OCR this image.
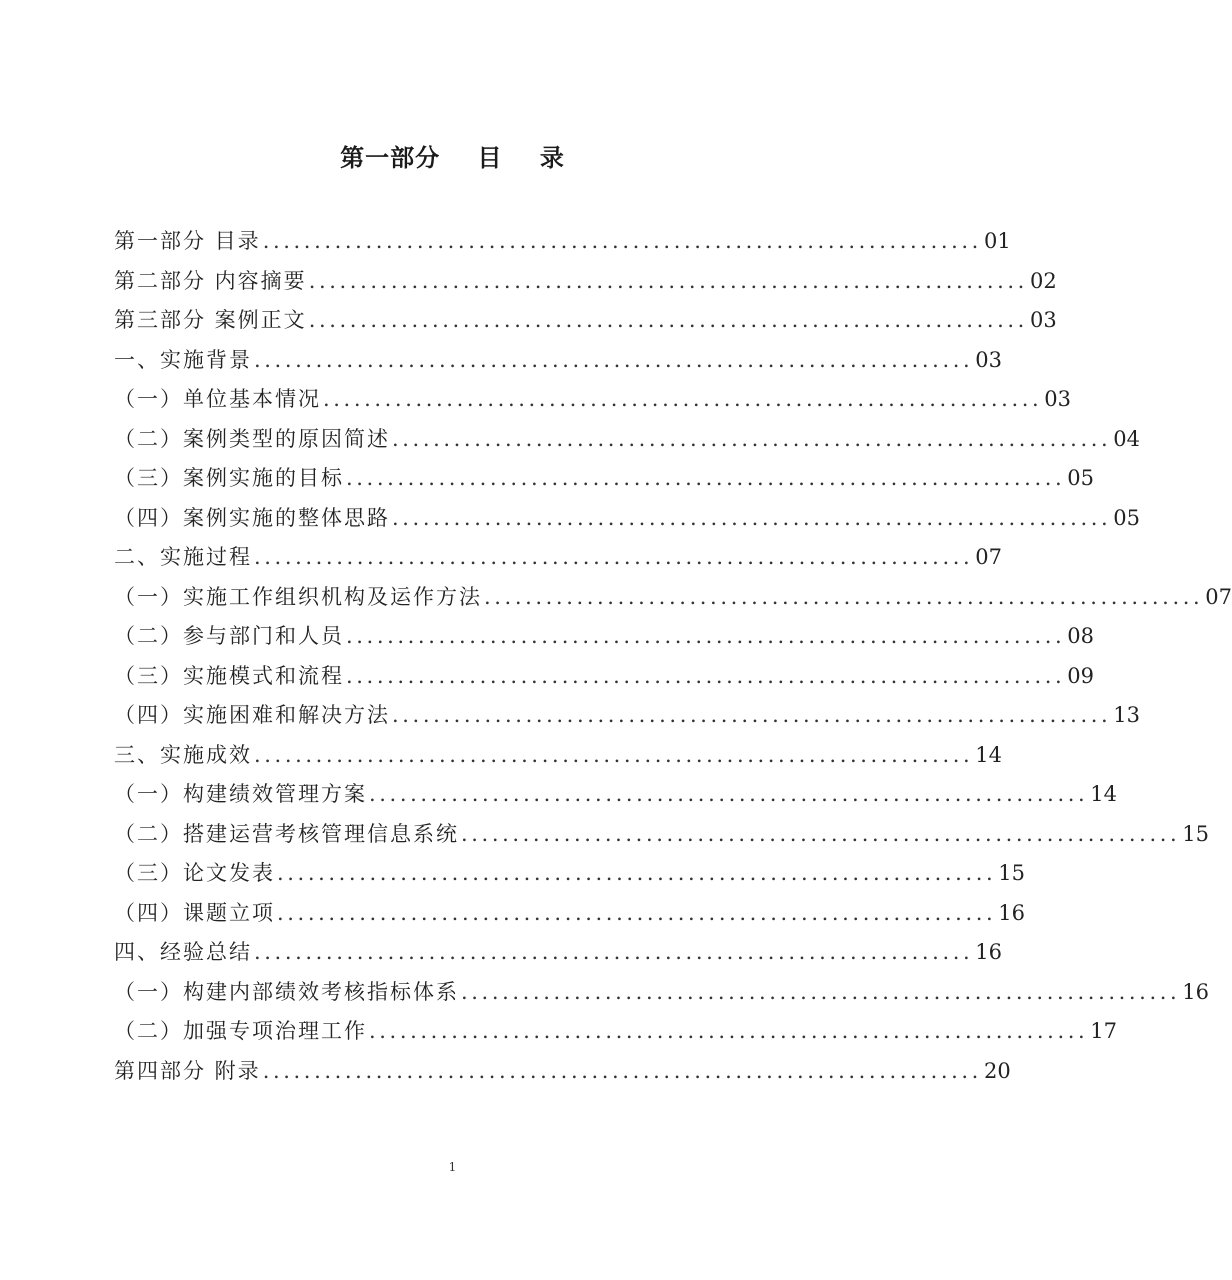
第一部分    目    录
第一部分 目录 ...................................................................... 01
第二部分 内容摘要 ...................................................................... 02
第三部分 案例正文 ...................................................................... 03
一、实施背景 ...................................................................... 03
（一）单位基本情况 ...................................................................... 03
（二）案例类型的原因简述 ...................................................................... 04
（三）案例实施的目标 ...................................................................... 05
（四）案例实施的整体思路 ...................................................................... 05
二、实施过程 ...................................................................... 07
（一）实施工作组织机构及运作方法 ...................................................................... 07
（二）参与部门和人员 ...................................................................... 08
（三）实施模式和流程 ...................................................................... 09
（四）实施困难和解决方法 ...................................................................... 13
三、实施成效 ...................................................................... 14
（一）构建绩效管理方案 ...................................................................... 14
（二）搭建运营考核管理信息系统 ...................................................................... 15
（三）论文发表 ...................................................................... 15
（四）课题立项 ...................................................................... 16
四、经验总结 ...................................................................... 16
（一）构建内部绩效考核指标体系 ...................................................................... 16
（二）加强专项治理工作 ...................................................................... 17
第四部分 附录 ...................................................................... 20
1
